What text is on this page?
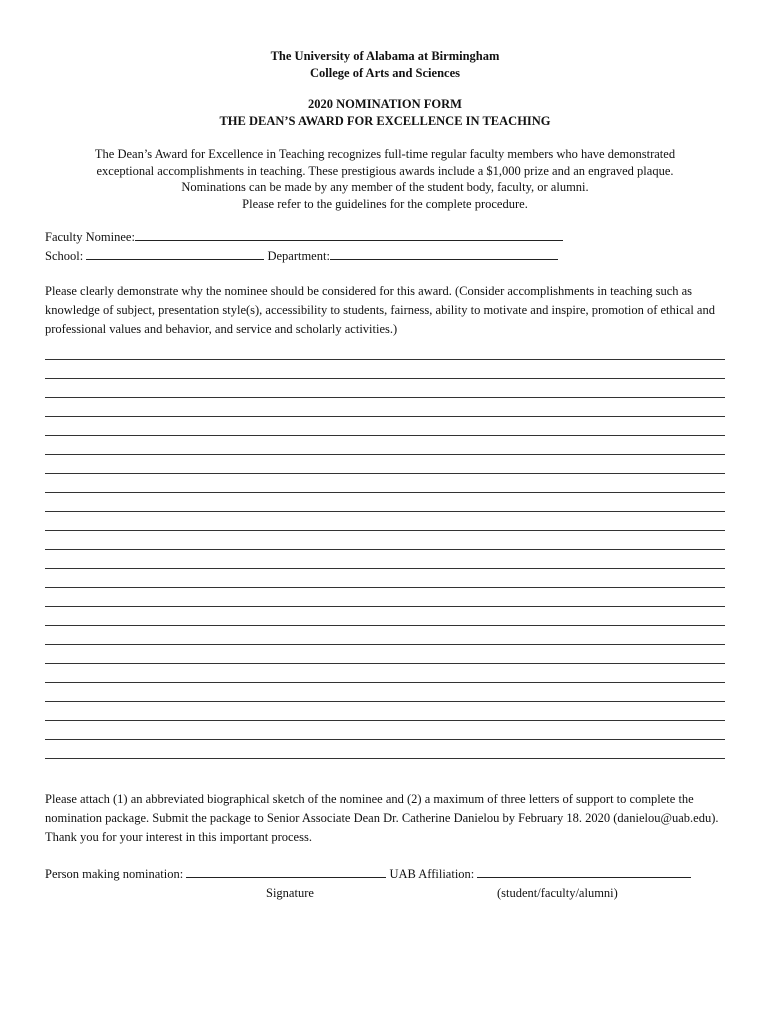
The University of Alabama at Birmingham
College of Arts and Sciences
2020 NOMINATION FORM
THE DEAN’S AWARD FOR EXCELLENCE IN TEACHING
The Dean’s Award for Excellence in Teaching recognizes full-time regular faculty members who have demonstrated
exceptional accomplishments in teaching. These prestigious awards include a $1,000 prize and an engraved plaque.
Nominations can be made by any member of the student body, faculty, or alumni.
Please refer to the guidelines for the complete procedure.
Faculty Nominee:
School:	Department:
Please clearly demonstrate why the nominee should be considered for this award. (Consider accomplishments in teaching such as knowledge of subject, presentation style(s), accessibility to students, fairness, ability to motivate and inspire, promotion of ethical and professional values and behavior, and service and scholarly activities.)
Please attach (1) an abbreviated biographical sketch of the nominee and (2) a maximum of three letters of support to complete the nomination package. Submit the package to Senior Associate Dean Dr. Catherine Danielou by February 18. 2020 (danielou@uab.edu). Thank you for your interest in this important process.
Person making nomination:	UAB Affiliation:
Signature	(student/faculty/alumni)
